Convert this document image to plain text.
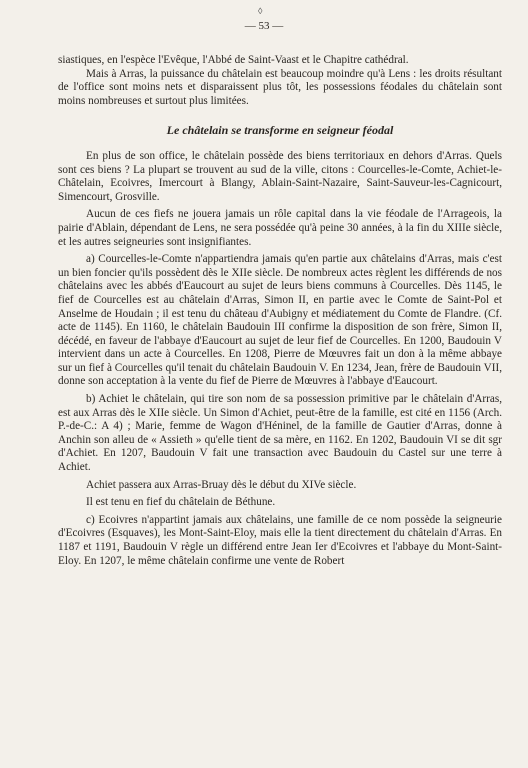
◊
— 53 —

siastiques, en l'espèce l'Evêque, l'Abbé de Saint-Vaast et le Chapitre cathédral.

Mais à Arras, la puissance du châtelain est beaucoup moindre qu'à Lens : les droits résultant de l'office sont moins nets et disparaissent plus tôt, les possessions féodales du châtelain sont moins nombreuses et surtout plus limitées.

Le châtelain se transforme en seigneur féodal

En plus de son office, le châtelain possède des biens territoriaux en dehors d'Arras. Quels sont ces biens ? La plupart se trouvent au sud de la ville, citons : Courcelles-le-Comte, Achiet-le-Châtelain, Ecoivres, Imercourt à Blangy, Ablain-Saint-Nazaire, Saint-Sauveur-les-Cagnicourt, Simencourt, Grosville.

Aucun de ces fiefs ne jouera jamais un rôle capital dans la vie féodale de l'Arrageois, la pairie d'Ablain, dépendant de Lens, ne sera possédée qu'à peine 30 années, à la fin du XIIIe siècle, et les autres seigneuries sont insignifiantes.

a) Courcelles-le-Comte n'appartiendra jamais qu'en partie aux châtelains d'Arras, mais c'est un bien foncier qu'ils possèdent dès le XIIe siècle. De nombreux actes règlent les différends de nos châtelains avec les abbés d'Eaucourt au sujet de leurs biens communs à Courcelles. Dès 1145, le fief de Courcelles est au châtelain d'Arras, Simon II, en partie avec le Comte de Saint-Pol et Anselme de Houdain ; il est tenu du château d'Aubigny et médiatement du Comte de Flandre. (Cf. acte de 1145). En 1160, le châtelain Baudouin III confirme la disposition de son frère, Simon II, décédé, en faveur de l'abbaye d'Eaucourt au sujet de leur fief de Courcelles. En 1200, Baudouin V intervient dans un acte à Courcelles. En 1208, Pierre de Mœuvres fait un don à la même abbaye sur un fief à Courcelles qu'il tenait du châtelain Baudouin V. En 1234, Jean, frère de Baudouin VII, donne son acceptation à la vente du fief de Pierre de Mœuvres à l'abbaye d'Eaucourt.

b) Achiet le châtelain, qui tire son nom de sa possession primitive par le châtelain d'Arras, est aux Arras dès le XIIe siècle. Un Simon d'Achiet, peut-être de la famille, est cité en 1156 (Arch. P.-de-C.: A 4) ; Marie, femme de Wagon d'Héninel, de la famille de Gautier d'Arras, donne à Anchin son alleu de « Assieth » qu'elle tient de sa mère, en 1162. En 1202, Baudouin VI se dit sgr d'Achiet. En 1207, Baudouin V fait une transaction avec Baudouin du Castel sur une terre à Achiet.

Achiet passera aux Arras-Bruay dès le début du XIVe siècle.

Il est tenu en fief du châtelain de Béthune.

c) Ecoivres n'appartint jamais aux châtelains, une famille de ce nom possède la seigneurie d'Ecoivres (Esquaves), les Mont-Saint-Eloy, mais elle la tient directement du châtelain d'Arras. En 1187 et 1191, Baudouin V règle un différend entre Jean Ier d'Ecoivres et l'abbaye du Mont-Saint-Eloy. En 1207, le même châtelain confirme une vente de Robert
